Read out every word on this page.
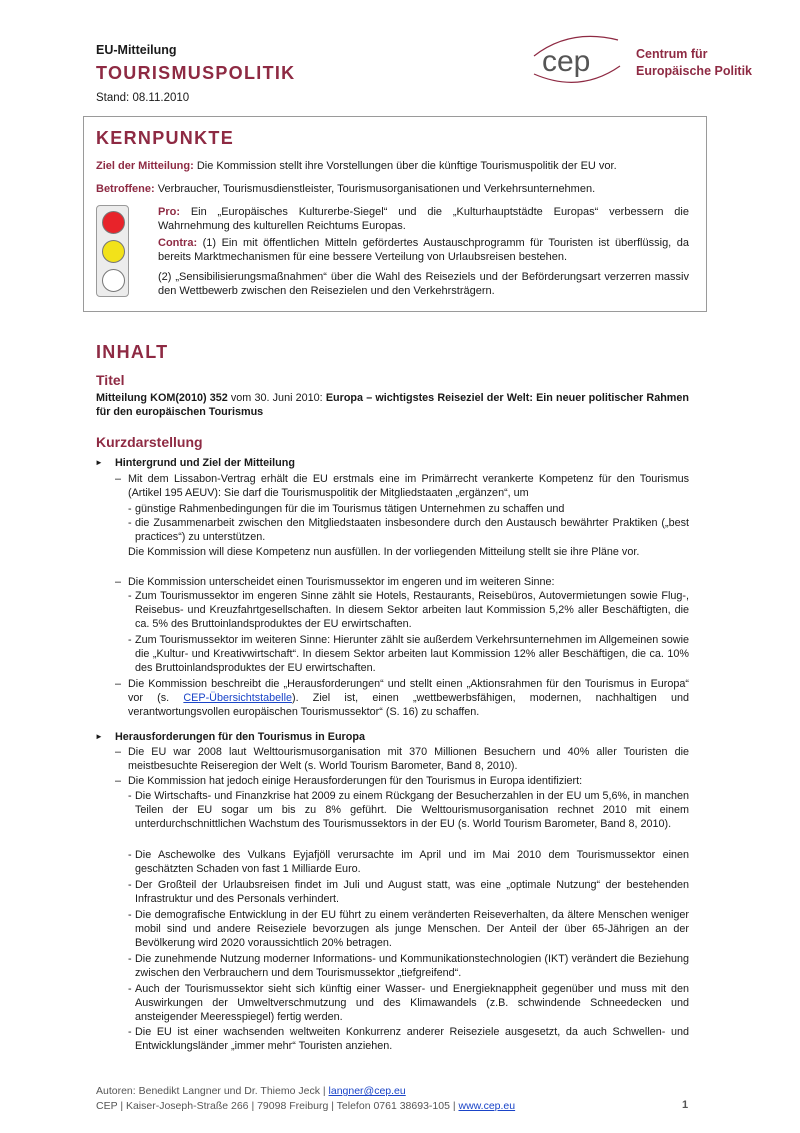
EU-Mitteilung
TOURISMUSPOLITIK
Stand: 08.11.2010
cep	Centrum für
Europäische Politik
KERNPUNKTE
Ziel der Mitteilung: Die Kommission stellt ihre Vorstellungen über die künftige Tourismuspolitik der EU vor.
Betroffene: Verbraucher, Tourismusdienstleister, Tourismusorganisationen und Verkehrsunternehmen.
Pro: Ein „Europäisches Kulturerbe-Siegel“ und die „Kulturhauptstädte Europas“ verbessern die Wahrnehmung des kulturellen Reichtums Europas.
Contra: (1) Ein mit öffentlichen Mitteln gefördertes Austauschprogramm für Touristen ist überflüssig, da bereits Marktmechanismen für eine bessere Verteilung von Urlaubsreisen bestehen.
(2) „Sensibilisierungsmaßnahmen“ über die Wahl des Reiseziels und der Beförderungsart verzerren massiv den Wettbewerb zwischen den Reisezielen und den Verkehrsträgern.
INHALT
Titel
Mitteilung KOM(2010) 352 vom 30. Juni 2010: Europa – wichtigstes Reiseziel der Welt: Ein neuer politischer Rahmen für den europäischen Tourismus
Kurzdarstellung
► Hintergrund und Ziel der Mitteilung
– Mit dem Lissabon-Vertrag erhält die EU erstmals eine im Primärrecht verankerte Kompetenz für den Tourismus (Artikel 195 AEUV): Sie darf die Tourismuspolitik der Mitgliedstaaten „ergänzen“, um
- günstige Rahmenbedingungen für die im Tourismus tätigen Unternehmen zu schaffen und
- die Zusammenarbeit zwischen den Mitgliedstaaten insbesondere durch den Austausch bewährter Praktiken („best practices“) zu unterstützen.
Die Kommission will diese Kompetenz nun ausfüllen. In der vorliegenden Mitteilung stellt sie ihre Pläne vor.
– Die Kommission unterscheidet einen Tourismussektor im engeren und im weiteren Sinne:
- Zum Tourismussektor im engeren Sinne zählt sie Hotels, Restaurants, Reisebüros, Autovermietungen sowie Flug-, Reisebus- und Kreuzfahrtgesellschaften. In diesem Sektor arbeiten laut Kommission 5,2% aller Beschäftigten, die ca. 5% des Bruttoinlandsproduktes der EU erwirtschaften.
- Zum Tourismussektor im weiteren Sinne: Hierunter zählt sie außerdem Verkehrsunternehmen im Allgemeinen sowie die „Kultur- und Kreativwirtschaft“. In diesem Sektor arbeiten laut Kommission 12% aller Beschäftigen, die ca. 10% des Bruttoinlandsproduktes der EU erwirtschaften.
– Die Kommission beschreibt die „Herausforderungen“ und stellt einen „Aktionsrahmen für den Tourismus in Europa“ vor (s. CEP-Übersichtstabelle). Ziel ist, einen „wettbewerbsfähigen, modernen, nachhaltigen und verantwortungsvollen europäischen Tourismussektor“ (S. 16) zu schaffen.
► Herausforderungen für den Tourismus in Europa
– Die EU war 2008 laut Welttourismusorganisation mit 370 Millionen Besuchern und 40% aller Touristen die meistbesuchte Reiseregion der Welt (s. World Tourism Barometer, Band 8, 2010).
– Die Kommission hat jedoch einige Herausforderungen für den Tourismus in Europa identifiziert:
- Die Wirtschafts- und Finanzkrise hat 2009 zu einem Rückgang der Besucherzahlen in der EU um 5,6%, in manchen Teilen der EU sogar um bis zu 8% geführt. Die Welttourismusorganisation rechnet 2010 mit einem unterdurchschnittlichen Wachstum des Tourismussektors in der EU (s. World Tourism Barometer, Band 8, 2010).
- Die Aschewolke des Vulkans Eyjafjöll verursachte im April und im Mai 2010 dem Tourismussektor einen geschätzten Schaden von fast 1 Milliarde Euro.
- Der Großteil der Urlaubsreisen findet im Juli und August statt, was eine „optimale Nutzung“ der bestehenden Infrastruktur und des Personals verhindert.
- Die demografische Entwicklung in der EU führt zu einem veränderten Reiseverhalten, da ältere Menschen weniger mobil sind und andere Reiseziele bevorzugen als junge Menschen. Der Anteil der über 65-Jährigen an der Bevölkerung wird 2020 voraussichtlich 20% betragen.
- Die zunehmende Nutzung moderner Informations- und Kommunikationstechnologien (IKT) verändert die Beziehung zwischen den Verbrauchern und dem Tourismussektor „tiefgreifend“.
- Auch der Tourismussektor sieht sich künftig einer Wasser- und Energieknappheit gegenüber und muss mit den Auswirkungen der Umweltverschmutzung und des Klimawandels (z.B. schwindende Schneedecken und ansteigender Meeresspiegel) fertig werden.
- Die EU ist einer wachsenden weltweiten Konkurrenz anderer Reiseziele ausgesetzt, da auch Schwellen- und Entwicklungsländer „immer mehr“ Touristen anziehen.
Autoren: Benedikt Langner und Dr. Thiemo Jeck | langner@cep.eu
CEP | Kaiser-Joseph-Straße 266 | 79098 Freiburg | Telefon 0761 38693-105 | www.cep.eu	1
